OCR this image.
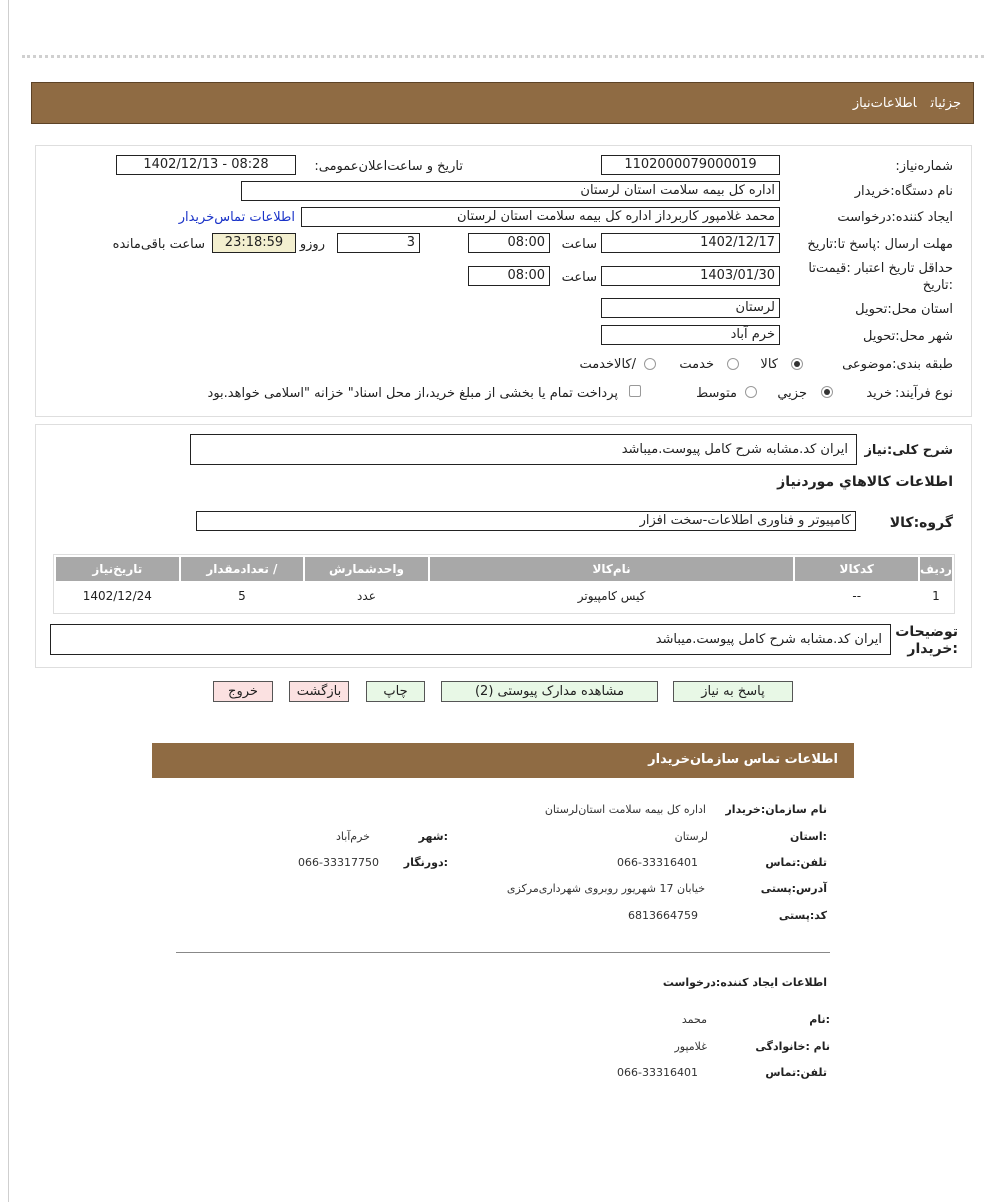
جزئیاتاطلاعات‌نیاز
شماره‌نیاز:
1102000079000019
تاریخ و ساعت‌اعلان‌عمومی:
1402/12/13 - 08:28
نام دستگاه:خریدار
اداره کل بیمه سلامت استان لرستان
ایجاد کننده:درخواست
محمد غلامپور کاربرداز اداره کل بیمه سلامت استان لرستان
اطلاعات تماس‌خریدار
مهلت ارسال :پاسخ تا:تاریخ
1402/12/17
ساعت
08:00
3
روزو
23:18:59
ساعت باقی‌مانده
حداقل تاریخ اعتبار :قیمت‌تا
:تاریخ
1403/01/30
ساعت
08:00
استان محل:تحویل
لرستان
شهر محل:تحویل
خرم آباد
طبقه بندی:موضوعی
کالا
خدمت
/کالاخدمت
نوع فرآیند:
خرید
جزیي
متوسط
پرداخت تمام یا بخشی از مبلغ خرید،از محل اسناد" خزانه "اسلامی خواهد.بود
شرح کلی:نیاز
ایران کد.مشابه شرح کامل پیوست.میباشد
اطلاعات کالاهاي موردنیاز
گروه:کالا
کامپیوتر و فناوری اطلاعات-سخت افزار
ردیف	کدکالا	نام‌کالا	واحدشمارش	/ تعدادمقدار	تاریخ‌نیاز
1	--	کیس کامپیوتر	عدد	5	1402/12/24
توضیحات
:خریدار
ایران کد.مشابه شرح کامل پیوست.میباشد
پاسخ به نیاز
مشاهده مدارک پیوستی (2)
چاپ
بازگشت
خروج
اطلاعات تماس سازمان‌خریدار
نام سازمان:خریدار
اداره کل بیمه سلامت استان‌لرستان
:استان
لرستان
:شهر
خرم‌آباد
تلفن:تماس
066-33316401
:دورنگار
066-33317750
آدرس:پستی
خیابان 17 شهریور روبروی شهرداری‌مرکزی
کد:پستی
6813664759
اطلاعات ایجاد کننده:درخواست
:نام
محمد
نام :خانوادگی
غلامپور
تلفن:تماس
066-33316401
